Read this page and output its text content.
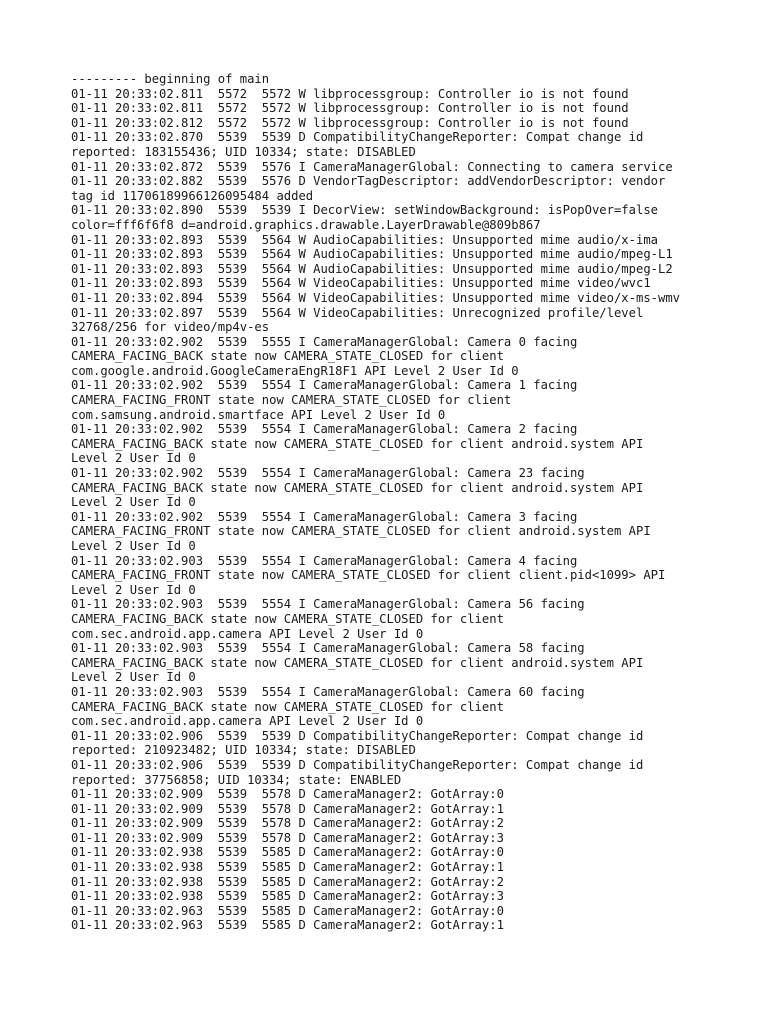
--------- beginning of main
01-11 20:33:02.811  5572  5572 W libprocessgroup: Controller io is not found
01-11 20:33:02.811  5572  5572 W libprocessgroup: Controller io is not found
01-11 20:33:02.812  5572  5572 W libprocessgroup: Controller io is not found
01-11 20:33:02.870  5539  5539 D CompatibilityChangeReporter: Compat change id
reported: 183155436; UID 10334; state: DISABLED
01-11 20:33:02.872  5539  5576 I CameraManagerGlobal: Connecting to camera service
01-11 20:33:02.882  5539  5576 D VendorTagDescriptor: addVendorDescriptor: vendor
tag id 11706189966126095484 added
01-11 20:33:02.890  5539  5539 I DecorView: setWindowBackground: isPopOver=false
color=fff6f6f8 d=android.graphics.drawable.LayerDrawable@809b867
01-11 20:33:02.893  5539  5564 W AudioCapabilities: Unsupported mime audio/x-ima
01-11 20:33:02.893  5539  5564 W AudioCapabilities: Unsupported mime audio/mpeg-L1
01-11 20:33:02.893  5539  5564 W AudioCapabilities: Unsupported mime audio/mpeg-L2
01-11 20:33:02.893  5539  5564 W VideoCapabilities: Unsupported mime video/wvc1
01-11 20:33:02.894  5539  5564 W VideoCapabilities: Unsupported mime video/x-ms-wmv
01-11 20:33:02.897  5539  5564 W VideoCapabilities: Unrecognized profile/level
32768/256 for video/mp4v-es
01-11 20:33:02.902  5539  5555 I CameraManagerGlobal: Camera 0 facing
CAMERA_FACING_BACK state now CAMERA_STATE_CLOSED for client
com.google.android.GoogleCameraEngR18F1 API Level 2 User Id 0
01-11 20:33:02.902  5539  5554 I CameraManagerGlobal: Camera 1 facing
CAMERA_FACING_FRONT state now CAMERA_STATE_CLOSED for client
com.samsung.android.smartface API Level 2 User Id 0
01-11 20:33:02.902  5539  5554 I CameraManagerGlobal: Camera 2 facing
CAMERA_FACING_BACK state now CAMERA_STATE_CLOSED for client android.system API
Level 2 User Id 0
01-11 20:33:02.902  5539  5554 I CameraManagerGlobal: Camera 23 facing
CAMERA_FACING_BACK state now CAMERA_STATE_CLOSED for client android.system API
Level 2 User Id 0
01-11 20:33:02.902  5539  5554 I CameraManagerGlobal: Camera 3 facing
CAMERA_FACING_FRONT state now CAMERA_STATE_CLOSED for client android.system API
Level 2 User Id 0
01-11 20:33:02.903  5539  5554 I CameraManagerGlobal: Camera 4 facing
CAMERA_FACING_FRONT state now CAMERA_STATE_CLOSED for client client.pid<1099> API
Level 2 User Id 0
01-11 20:33:02.903  5539  5554 I CameraManagerGlobal: Camera 56 facing
CAMERA_FACING_BACK state now CAMERA_STATE_CLOSED for client
com.sec.android.app.camera API Level 2 User Id 0
01-11 20:33:02.903  5539  5554 I CameraManagerGlobal: Camera 58 facing
CAMERA_FACING_BACK state now CAMERA_STATE_CLOSED for client android.system API
Level 2 User Id 0
01-11 20:33:02.903  5539  5554 I CameraManagerGlobal: Camera 60 facing
CAMERA_FACING_BACK state now CAMERA_STATE_CLOSED for client
com.sec.android.app.camera API Level 2 User Id 0
01-11 20:33:02.906  5539  5539 D CompatibilityChangeReporter: Compat change id
reported: 210923482; UID 10334; state: DISABLED
01-11 20:33:02.906  5539  5539 D CompatibilityChangeReporter: Compat change id
reported: 37756858; UID 10334; state: ENABLED
01-11 20:33:02.909  5539  5578 D CameraManager2: GotArray:0
01-11 20:33:02.909  5539  5578 D CameraManager2: GotArray:1
01-11 20:33:02.909  5539  5578 D CameraManager2: GotArray:2
01-11 20:33:02.909  5539  5578 D CameraManager2: GotArray:3
01-11 20:33:02.938  5539  5585 D CameraManager2: GotArray:0
01-11 20:33:02.938  5539  5585 D CameraManager2: GotArray:1
01-11 20:33:02.938  5539  5585 D CameraManager2: GotArray:2
01-11 20:33:02.938  5539  5585 D CameraManager2: GotArray:3
01-11 20:33:02.963  5539  5585 D CameraManager2: GotArray:0
01-11 20:33:02.963  5539  5585 D CameraManager2: GotArray:1
